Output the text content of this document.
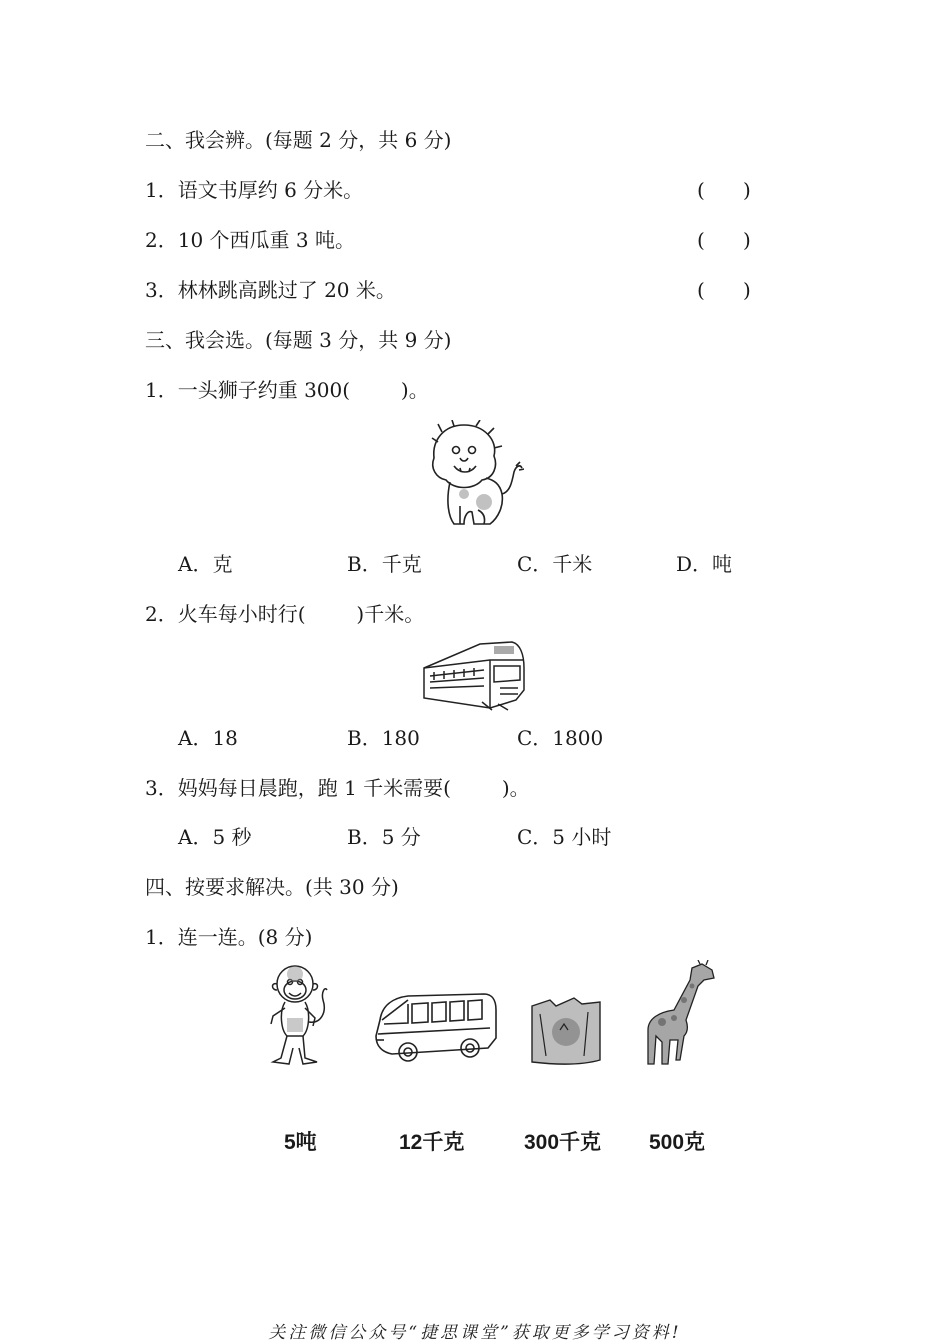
二、我会辨。(每题 2 分，共 6 分)
1．语文书厚约 6 分米。	(      )
2．10 个西瓜重 3 吨。	(      )
3．林林跳高跳过了 20 米。	(      )
三、我会选。(每题 3 分，共 9 分)
1．一头狮子约重 300(        )。
A．克	B．千克	C．千米	D．吨
2．火车每小时行(        )千米。
A．18	B．180	C．1800
3．妈妈每日晨跑，跑 1 千米需要(        )。
A．5 秒	B．5 分	C．5 小时
四、按要求解决。(共 30 分)
1．连一连。(8 分)
5吨	12千克	300千克 500克
关注微信公众号“捷思课堂”获取更多学习资料!
